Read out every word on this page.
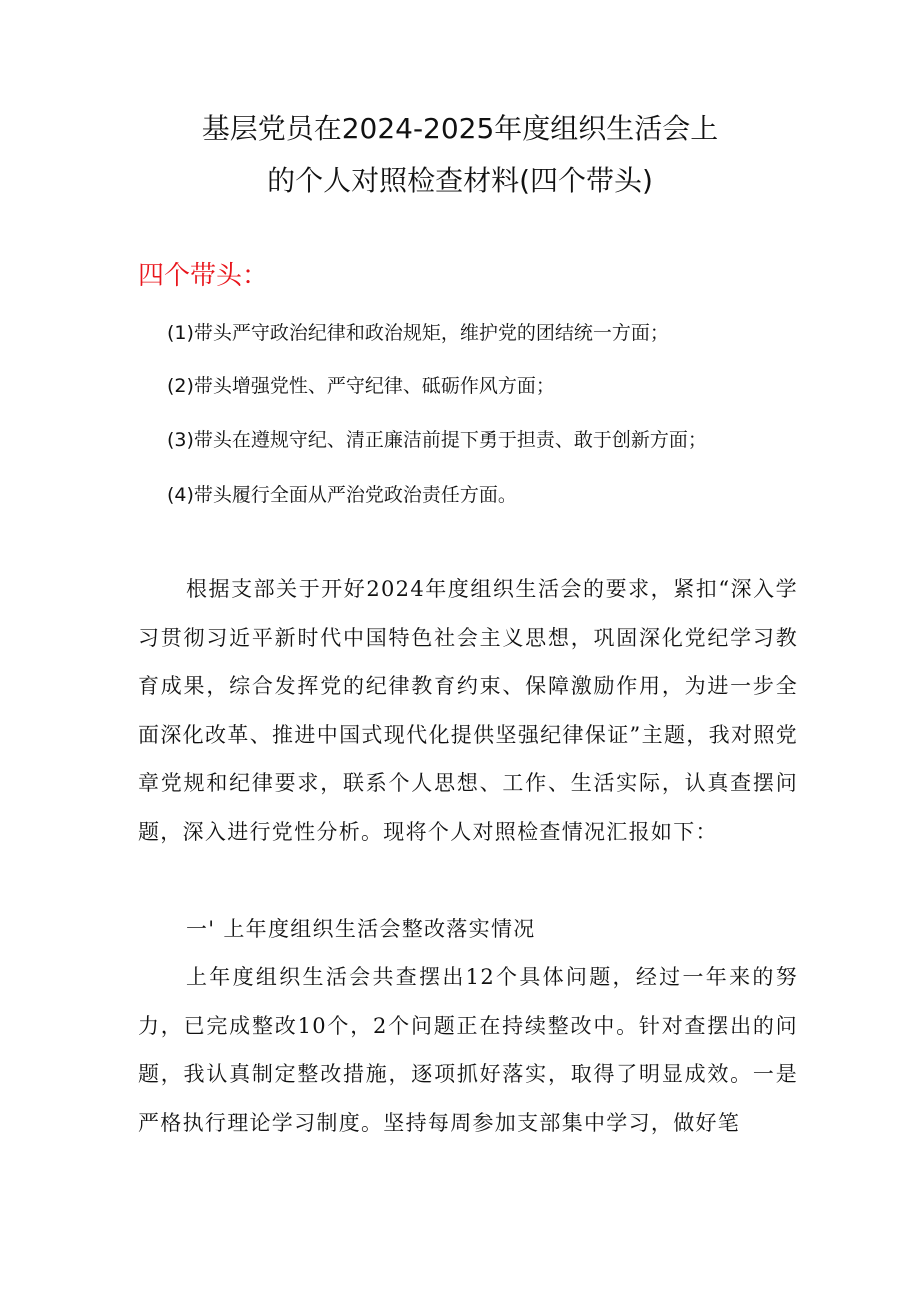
基层党员在2024-2025年度组织生活会上
的个人对照检查材料(四个带头)
四个带头：

(1)带头严守政治纪律和政治规矩，维护党的团结统一方面；

(2)带头增强党性、严守纪律、砥砺作风方面；

(3)带头在遵规守纪、清正廉洁前提下勇于担责、敢于创新方面；

(4)带头履行全面从严治党政治责任方面。

根据支部关于开好2024年度组织生活会的要求，紧扣“深入学习贯彻习近平新时代中国特色社会主义思想，巩固深化党纪学习教育成果，综合发挥党的纪律教育约束、保障激励作用，为进一步全面深化改革、推进中国式现代化提供坚强纪律保证”主题，我对照党章党规和纪律要求，联系个人思想、工作、生活实际，认真查摆问题，深入进行党性分析。现将个人对照检查情况汇报如下：

一' 上年度组织生活会整改落实情况

上年度组织生活会共查摆出12个具体问题，经过一年来的努力，已完成整改10个，2个问题正在持续整改中。针对查摆出的问题，我认真制定整改措施，逐项抓好落实，取得了明显成效。一是严格执行理论学习制度。坚持每周参加支部集中学习，做好笔
